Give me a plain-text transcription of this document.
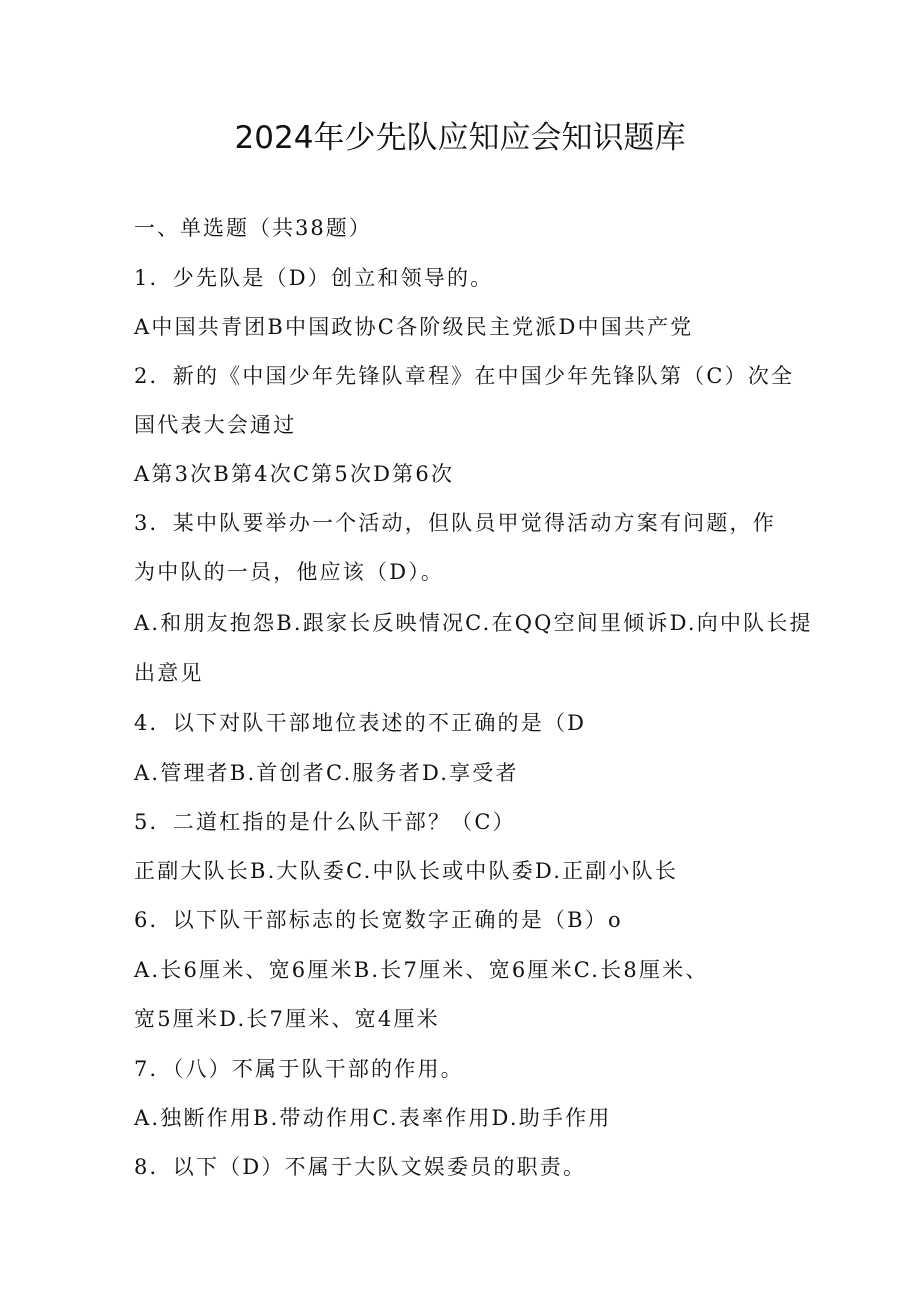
2024年少先队应知应会知识题库
一、单选题（共38题）
1．少先队是（D）创立和领导的。
A中国共青团B中国政协C各阶级民主党派D中国共产党
2．新的《中国少年先锋队章程》在中国少年先锋队第（C）次全
国代表大会通过
A第3次B第4次C第5次D第6次
3．某中队要举办一个活动，但队员甲觉得活动方案有问题，作
为中队的一员，他应该（D）。
A.和朋友抱怨B.跟家长反映情况C.在QQ空间里倾诉D.向中队长提
出意见
4．以下对队干部地位表述的不正确的是（D
A.管理者B.首创者C.服务者D.享受者
5．二道杠指的是什么队干部？（C）
正副大队长B.大队委C.中队长或中队委D.正副小队长
6．以下队干部标志的长宽数字正确的是（B）o
A.长6厘米、宽6厘米B.长7厘米、宽6厘米C.长8厘米、
宽5厘米D.长7厘米、宽4厘米
7．（八）不属于队干部的作用。
A.独断作用B.带动作用C.表率作用D.助手作用
8．以下（D）不属于大队文娱委员的职责。
